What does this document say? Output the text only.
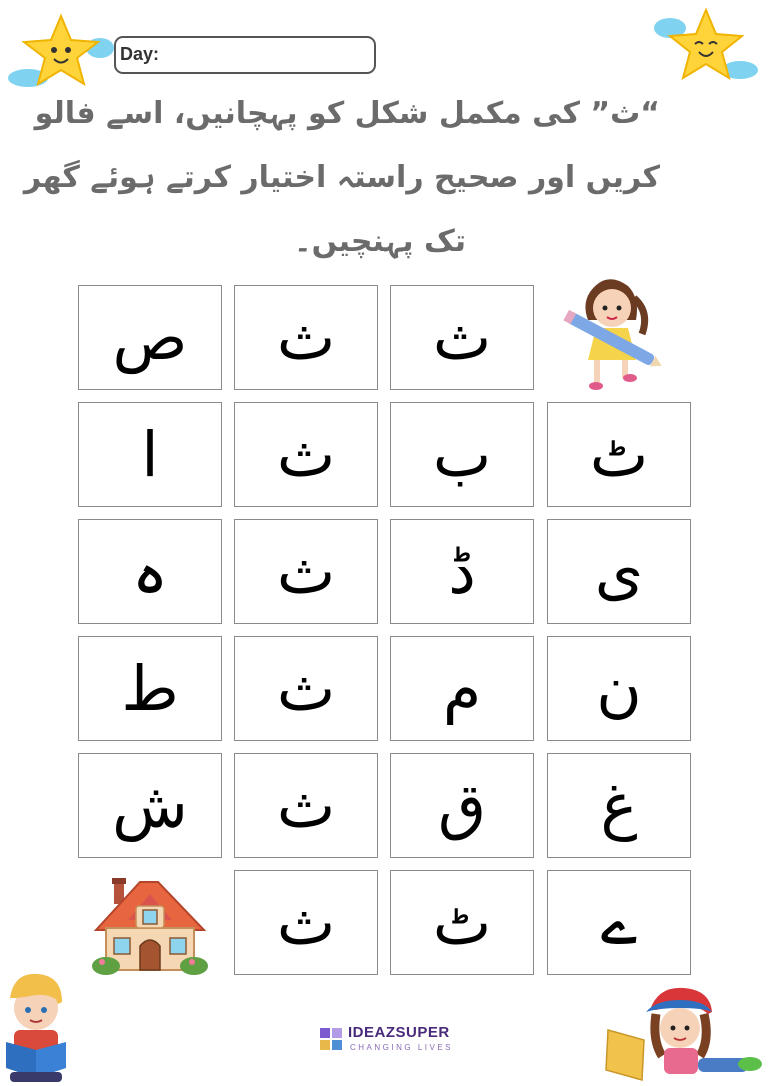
Day:
“ث” کی مکمل شکل کو پہچانیں، اسے فالو
کریں اور صحیح راستہ اختیار کرتے ہوئے گھر
تک پہنچیں۔
ص	ث	ث
ا	ث	ب	ٹ
ہ	ث	ڈ	ی
ط	ث	م	ن
ش	ث	ق	غ
ث	ٹ	ے
IDEAZSUPER
CHANGING LIVES
